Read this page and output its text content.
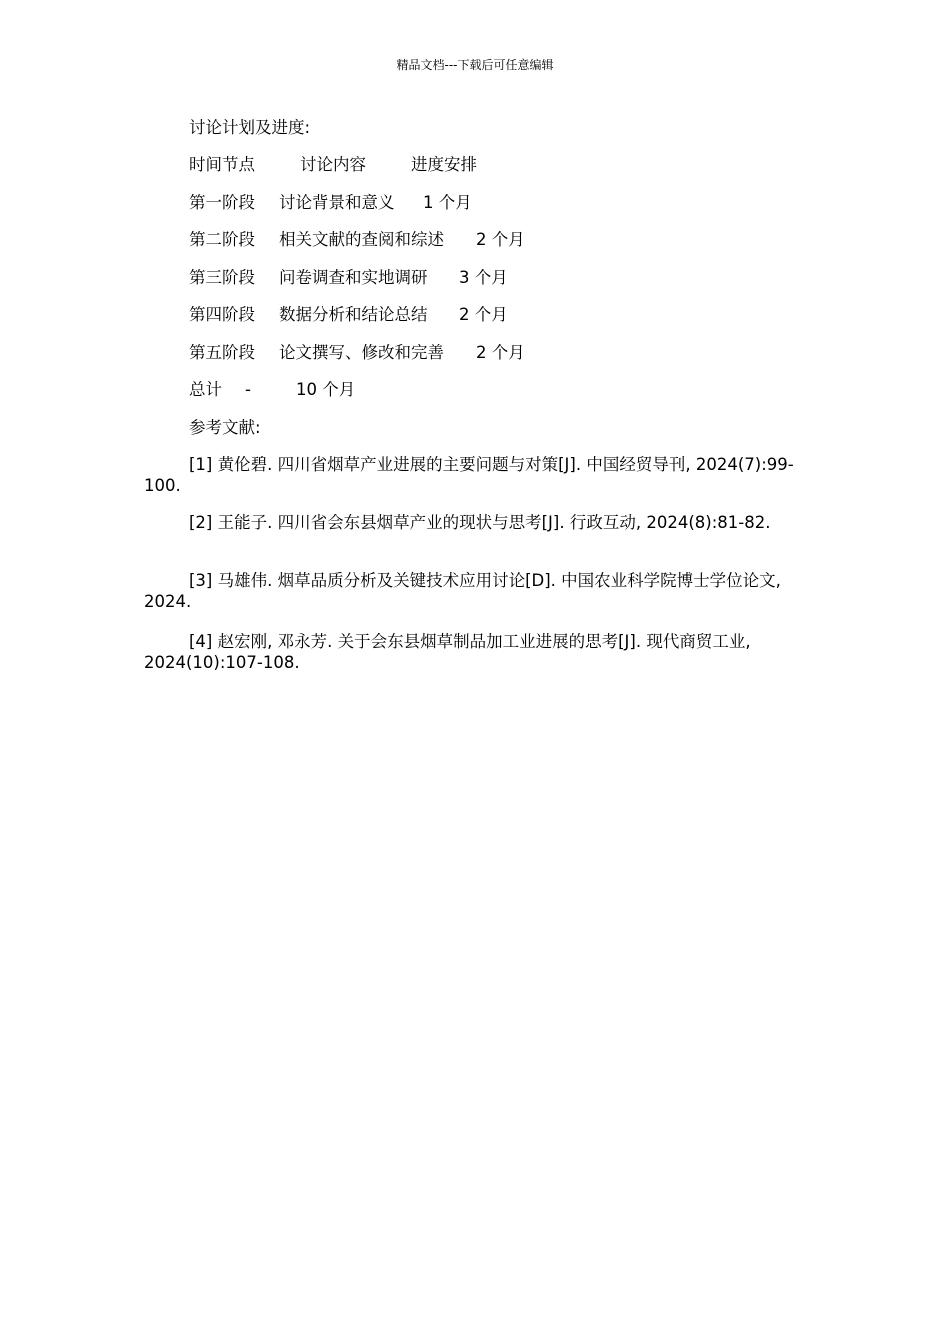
精品文档---下载后可任意编辑
讨论计划及进度:
时间节点	讨论内容	进度安排
第一阶段 讨论背景和意义 1 个月
第二阶段 相关文献的查阅和综述 2 个月
第三阶段 问卷调查和实地调研 3 个月
第四阶段 数据分析和结论总结 2 个月
第五阶段 论文撰写、修改和完善 2 个月
总计 -	10 个月
参考文献:
[1] 黄伦碧. 四川省烟草产业进展的主要问题与对策[J]. 中国经贸导刊, 2024(7):99-100.
[2] 王能子. 四川省会东县烟草产业的现状与思考[J]. 行政互动, 2024(8):81-82.
[3] 马雄伟. 烟草品质分析及关键技术应用讨论[D]. 中国农业科学院博士学位论文, 2024.
[4] 赵宏刚, 邓永芳. 关于会东县烟草制品加工业进展的思考[J]. 现代商贸工业, 2024(10):107-108.
